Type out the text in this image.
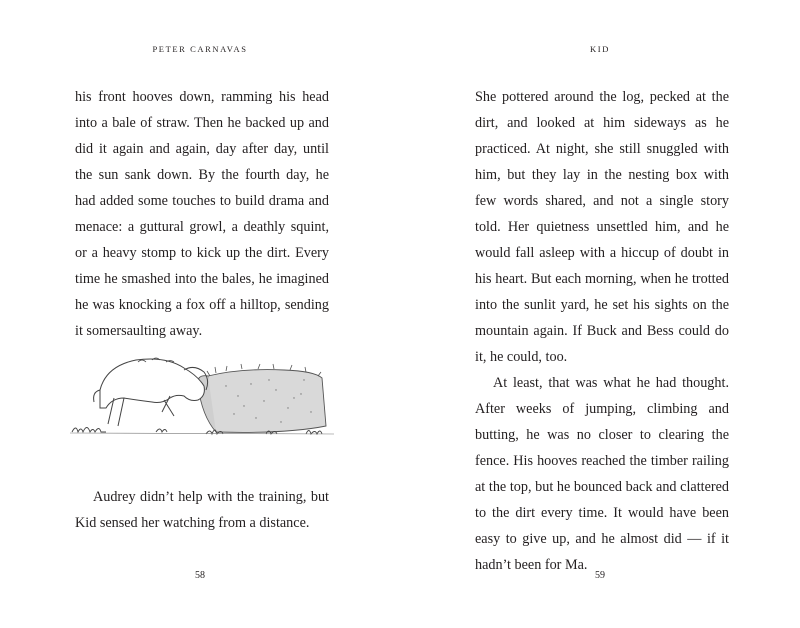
PETER CARNAVAS

his front hooves down, ramming his head into a bale of straw. Then he backed up and did it again and again, day after day, until the sun sank down. By the fourth day, he had added some touches to build drama and menace: a guttural growl, a deathly squint, or a heavy stomp to kick up the dirt. Every time he smashed into the bales, he imagined he was knocking a fox off a hilltop, sending it somersaulting away.

Audrey didn’t help with the training, but Kid sensed her watching from a distance.

58
KID

She pottered around the log, pecked at the dirt, and looked at him sideways as he practiced. At night, she still snuggled with him, but they lay in the nesting box with few words shared, and not a single story told. Her quietness unsettled him, and he would fall asleep with a hiccup of doubt in his heart. But each morning, when he trotted into the sunlit yard, he set his sights on the mountain again. If Buck and Bess could do it, he could, too.

At least, that was what he had thought. After weeks of jumping, climbing and butting, he was no closer to clearing the fence. His hooves reached the timber railing at the top, but he bounced back and clattered to the dirt every time. It would have been easy to give up, and he almost did — if it hadn’t been for Ma.

59
